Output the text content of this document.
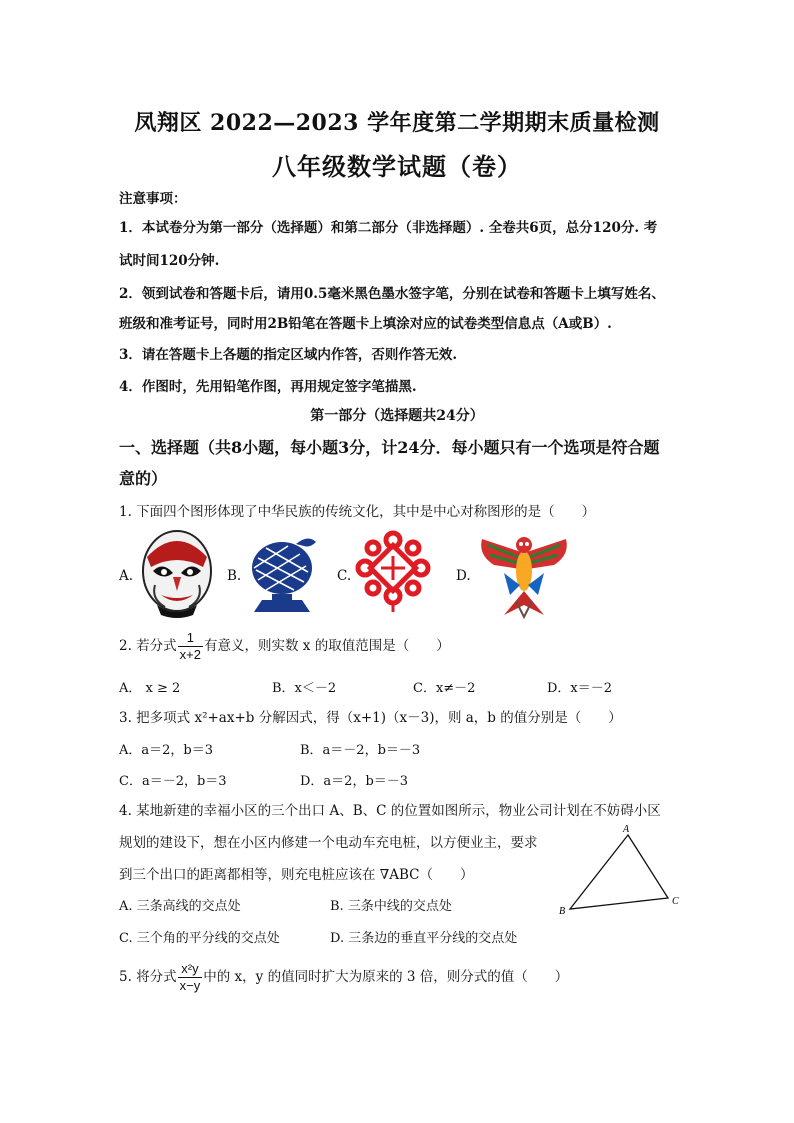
凤翔区 2022—2023 学年度第二学期期末质量检测
八年级数学试题（卷）
注意事项：
1．本试卷分为第一部分（选择题）和第二部分（非选择题）. 全卷共6页，总分120分. 考
试时间120分钟.
2．领到试卷和答题卡后，请用0.5毫米黑色墨水签字笔，分别在试卷和答题卡上填写姓名、
班级和准考证号，同时用2B铅笔在答题卡上填涂对应的试卷类型信息点（A或B）.
3．请在答题卡上各题的指定区域内作答，否则作答无效.
4．作图时，先用铅笔作图，再用规定签字笔描黑.
第一部分（选择题共24分）
一、选择题（共8小题，每小题3分，计24分．每小题只有一个选项是符合题
意的）
1. 下面四个图形体现了中华民族的传统文化，其中是中心对称图形的是（　　）
A.	B.	C.	D.
2. 若分式 $\frac{1}{x+2}$ 有意义，则实数 x 的取值范围是（　　）
A． x ≥ 2	B．x＜－2	C．x≠－2	D．x＝－2
3. 把多项式 x²+ax+b 分解因式，得（x+1)（x－3)，则 a，b 的值分别是（　　）
A．a＝2，b＝3	B．a＝－2，b＝－3
C．a＝－2，b＝3	D．a＝2，b＝－3
4. 某地新建的幸福小区的三个出口 A、B、C 的位置如图所示，物业公司计划在不妨碍小区
规划的建设下，想在小区内修建一个电动车充电桩，以方便业主，要求
到三个出口的距离都相等，则充电桩应该在 ∇ABC（　　）
A. 三条高线的交点处	B. 三条中线的交点处
C. 三个角的平分线的交点处	D. 三条边的垂直平分线的交点处
A
B
C
5. 将分式 $\frac{\text{x²y}}{x-y}$ 中的 x，y 的值同时扩大为原来的 3 倍，则分式的值（　　）
